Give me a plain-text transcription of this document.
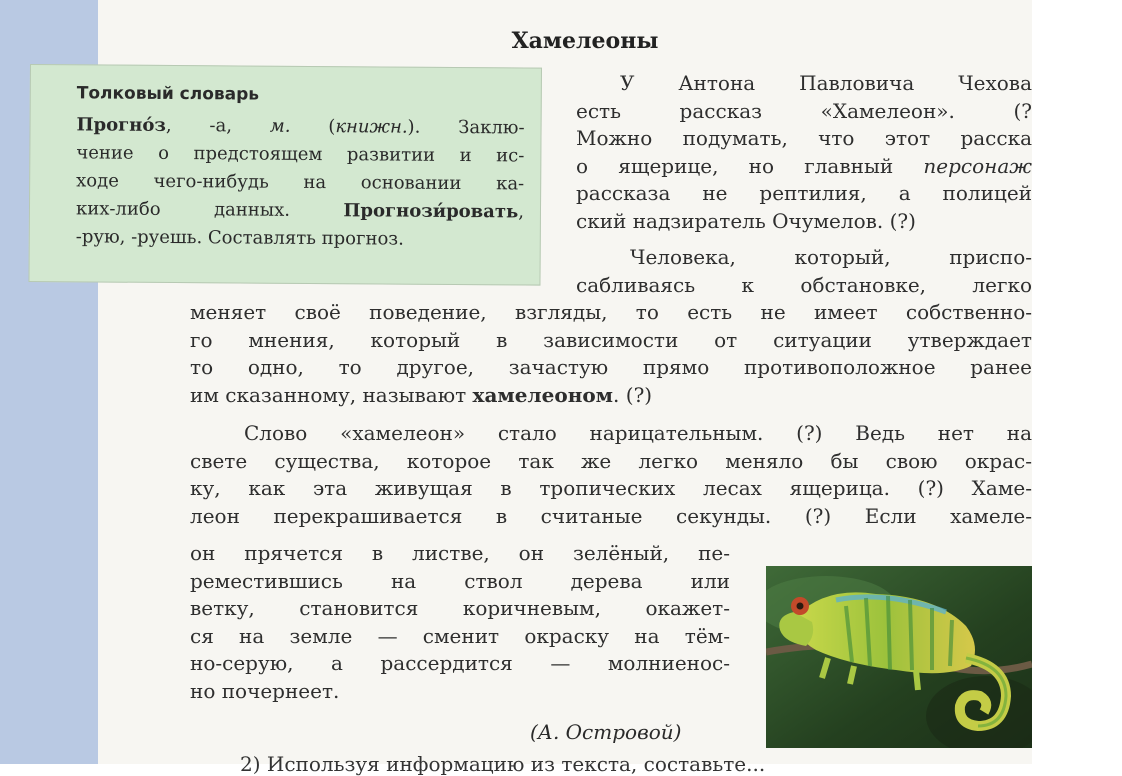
Хамелеоны
Толковый словарь
Прогно́з, -а, м. (книжн.). Заклю-
чение о предстоящем развитии и ис-
ходе чего-нибудь на основании ка-
ких-либо данных. Прогнози́ровать,
-рую, -руешь. Составлять прогноз.
У Антона Павловича Чехова
есть рассказ «Хамелеон». (?
Можно подумать, что этот расска
о ящерице, но главный персонаж
рассказа не рептилия, а полицей
ский надзиратель Очумелов. (?)
Человека, который, приспо-
сабливаясь к обстановке, легко
меняет своё поведение, взгляды, то есть не имеет собственно-
го мнения, который в зависимости от ситуации утверждает
то одно, то другое, зачастую прямо противоположное ранее
им сказанному, называют хамелеоном. (?)
Слово «хамелеон» стало нарицательным. (?) Ведь нет на
свете существа, которое так же легко меняло бы свою окрас-
ку, как эта живущая в тропических лесах ящерица. (?) Хаме-
леон перекрашивается в считаные секунды. (?) Если хамеле-
он прячется в листве, он зелёный, пе-
реместившись на ствол дерева или
ветку, становится коричневым, окажет-
ся на земле — сменит окраску на тём-
но-серую, а рассердится — молниенос-
но почернеет.
(А. Островой)
2) Используя информацию из текста, составьте...
